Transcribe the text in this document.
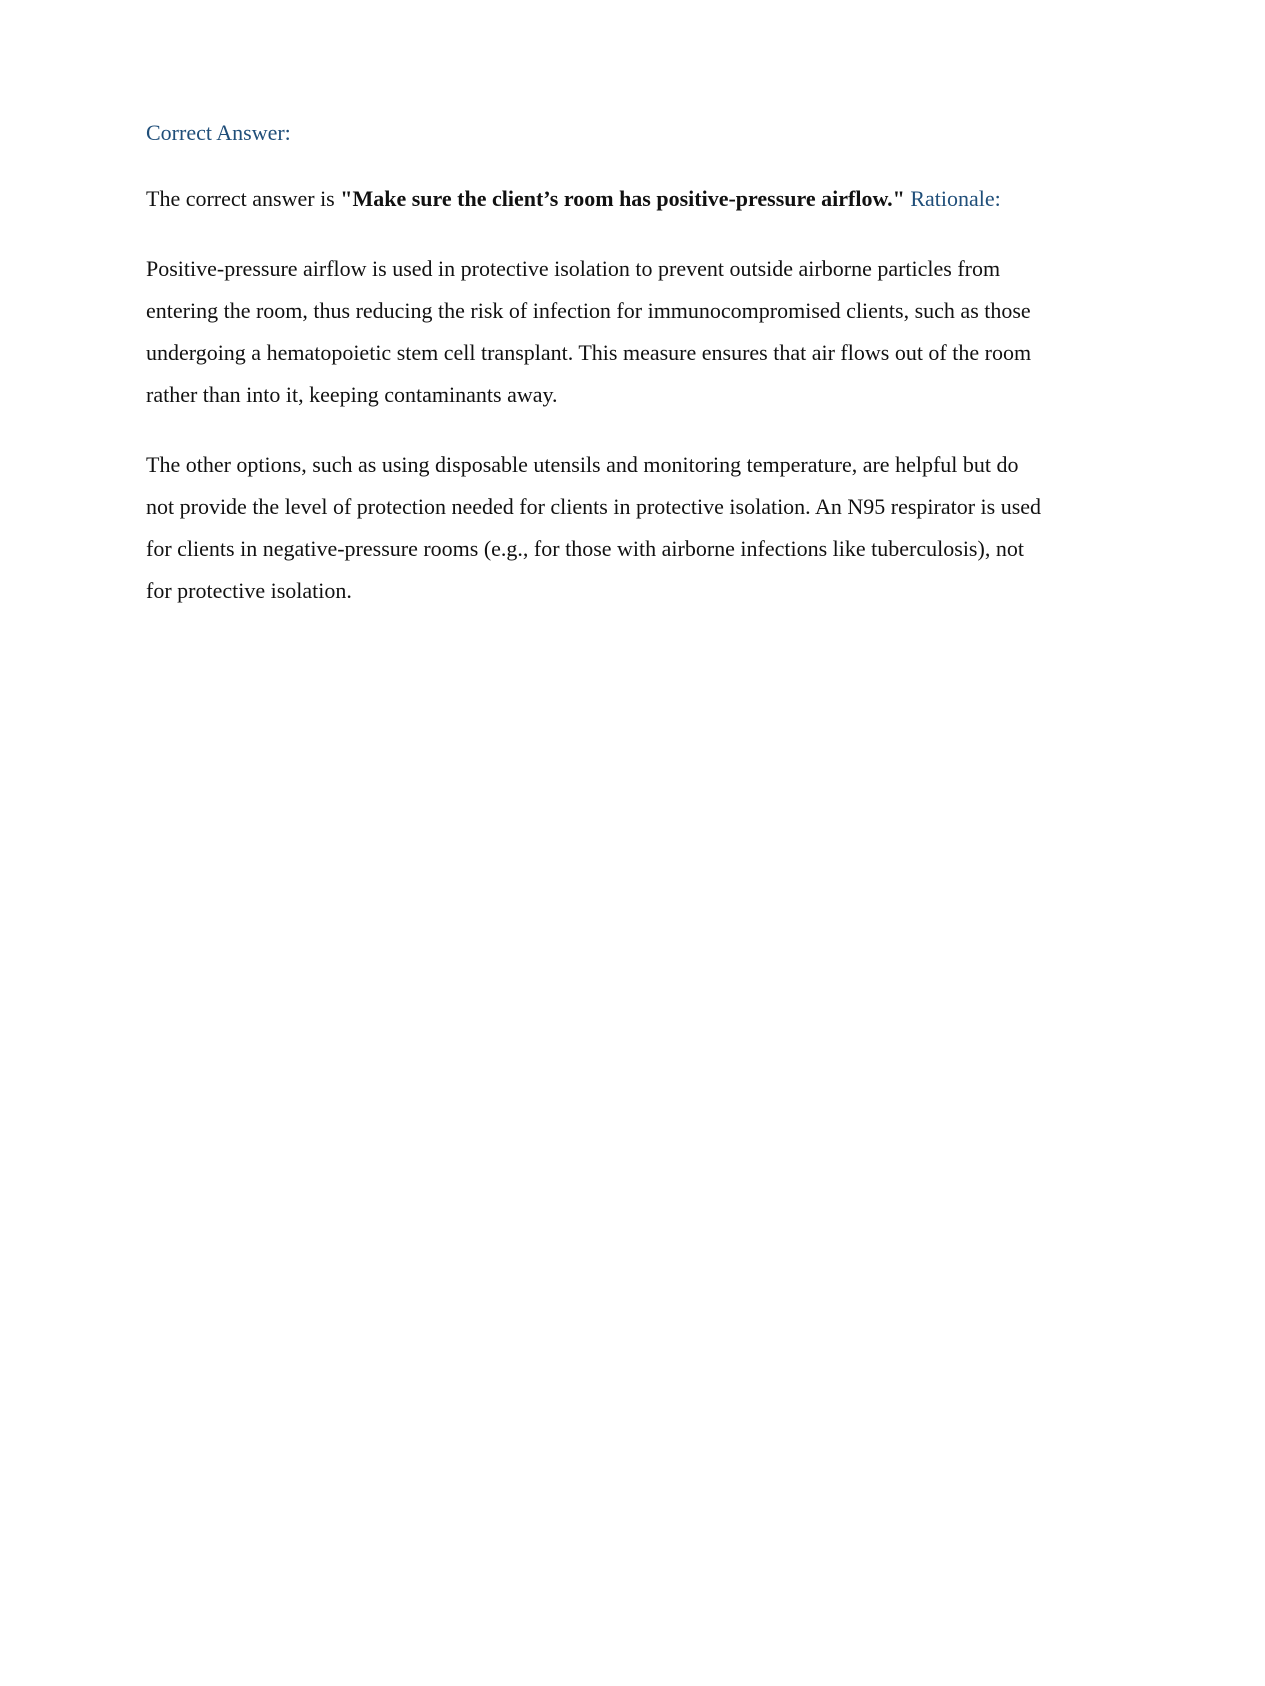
Correct Answer:

The correct answer is "Make sure the client’s room has positive-pressure airflow." Rationale:

Positive-pressure airflow is used in protective isolation to prevent outside airborne particles from
entering the room, thus reducing the risk of infection for immunocompromised clients, such as those
undergoing a hematopoietic stem cell transplant. This measure ensures that air flows out of the room
rather than into it, keeping contaminants away.

The other options, such as using disposable utensils and monitoring temperature, are helpful but do
not provide the level of protection needed for clients in protective isolation. An N95 respirator is used
for clients in negative-pressure rooms (e.g., for those with airborne infections like tuberculosis), not
for protective isolation.
